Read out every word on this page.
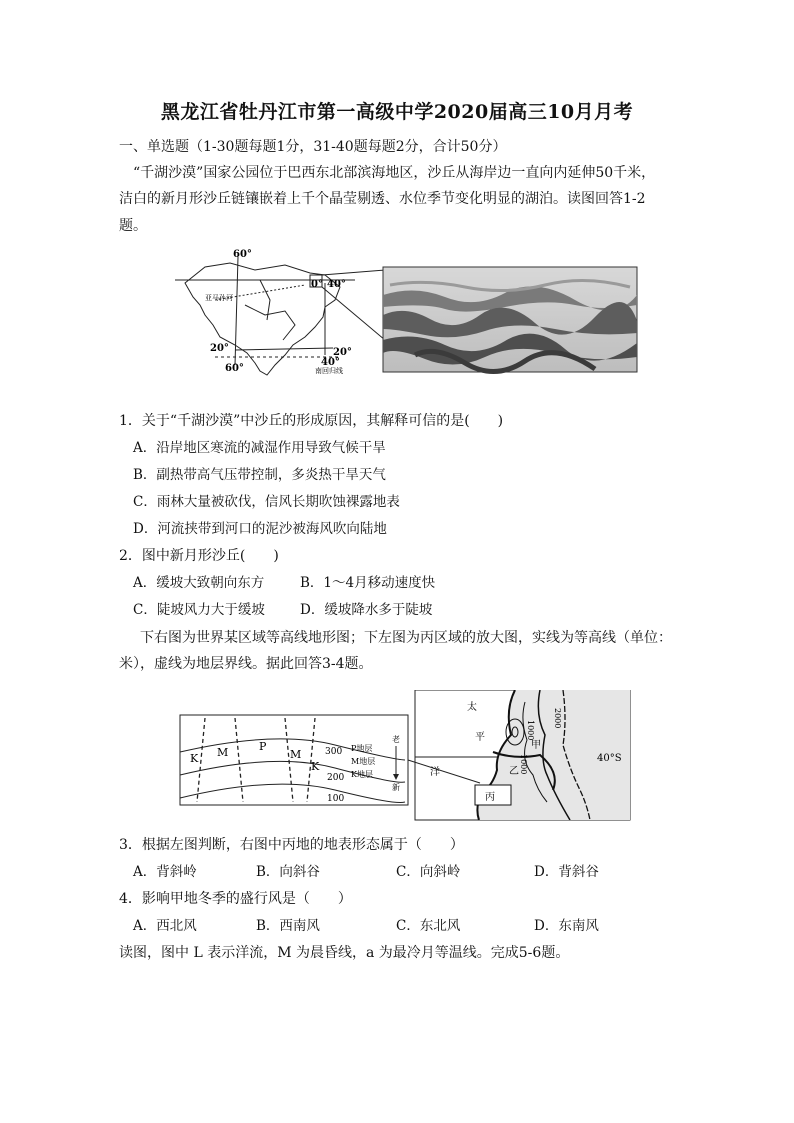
黑龙江省牡丹江市第一高级中学2020届高三10月月考
一、单选题（1-30题每题1分，31-40题每题2分，合计50分）
“千湖沙漠”国家公园位于巴西东北部滨海地区，沙丘从海岸边一直向内延伸50千米，
洁白的新月形沙丘链镶嵌着上千个晶莹剔透、水位季节变化明显的湖泊。读图回答1-2
题。
60°
0° 40°
20°	20°
40°
60°
亚马孙河
南回归线
1．关于“千湖沙漠”中沙丘的形成原因，其解释可信的是(　　)
A．沿岸地区寒流的减湿作用导致气候干旱
B．副热带高气压带控制，多炎热干旱天气
C．雨林大量被砍伐，信风长期吹蚀裸露地表
D．河流挟带到河口的泥沙被海风吹向陆地
2．图中新月形沙丘(　　)
A．缓坡大致朝向东方	B．1～4月移动速度快
C．陡坡风力大于缓坡	D．缓坡降水多于陡坡
下右图为世界某区域等高线地形图；下左图为丙区域的放大图，实线为等高线（单位：
米），虚线为地层界线。据此回答3-4题。
K M	P
M
K
300
200
100
P地层
M地层
K地层
老
新
太
平
洋
1000
2000
1000
甲
乙
丙
40°S
3．根据左图判断，右图中丙地的地表形态属于（　　）
A．背斜岭	B．向斜谷	C．向斜岭	D．背斜谷
4．影响甲地冬季的盛行风是（　　）
A．西北风	B．西南风	C．东北风	D．东南风
读图，图中 L 表示洋流，M 为晨昏线，a 为最冷月等温线。完成5-6题。
